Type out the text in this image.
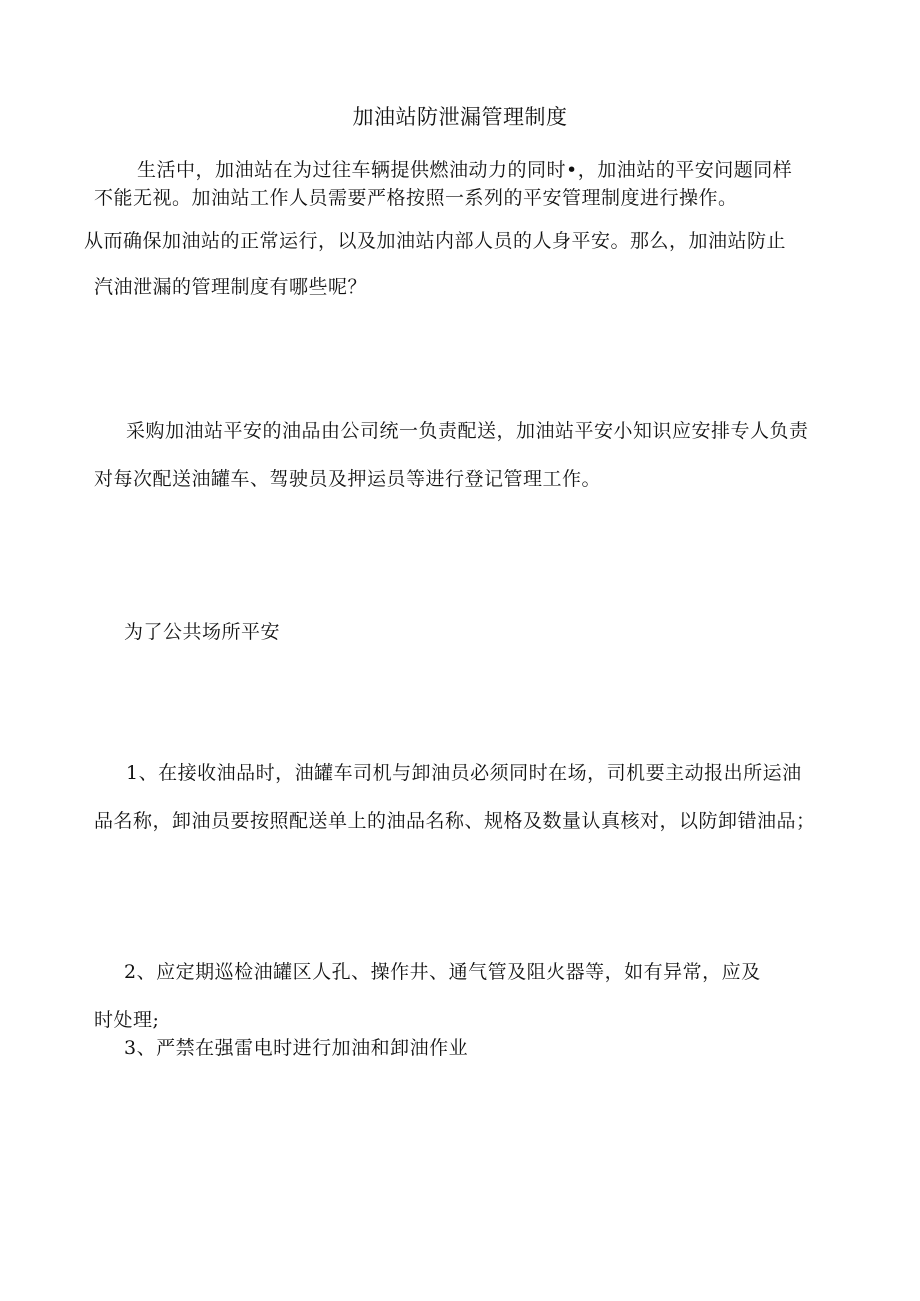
加油站防泄漏管理制度
生活中，加油站在为过往车辆提供燃油动力的同时•，加油站的平安问题同样
不能无视。加油站工作人员需要严格按照一系列的平安管理制度进行操作。
从而确保加油站的正常运行，以及加油站内部人员的人身平安。那么，加油站防止
汽油泄漏的管理制度有哪些呢？
采购加油站平安的油品由公司统一负责配送，加油站平安小知识应安排专人负责
对每次配送油罐车、驾驶员及押运员等进行登记管理工作。
为了公共场所平安
1、在接收油品时，油罐车司机与卸油员必须同时在场，司机要主动报出所运油
品名称，卸油员要按照配送单上的油品名称、规格及数量认真核对，以防卸错油品；
2、应定期巡检油罐区人孔、操作井、通气管及阻火器等，如有异常，应及
时处理;
3、严禁在强雷电时进行加油和卸油作业
